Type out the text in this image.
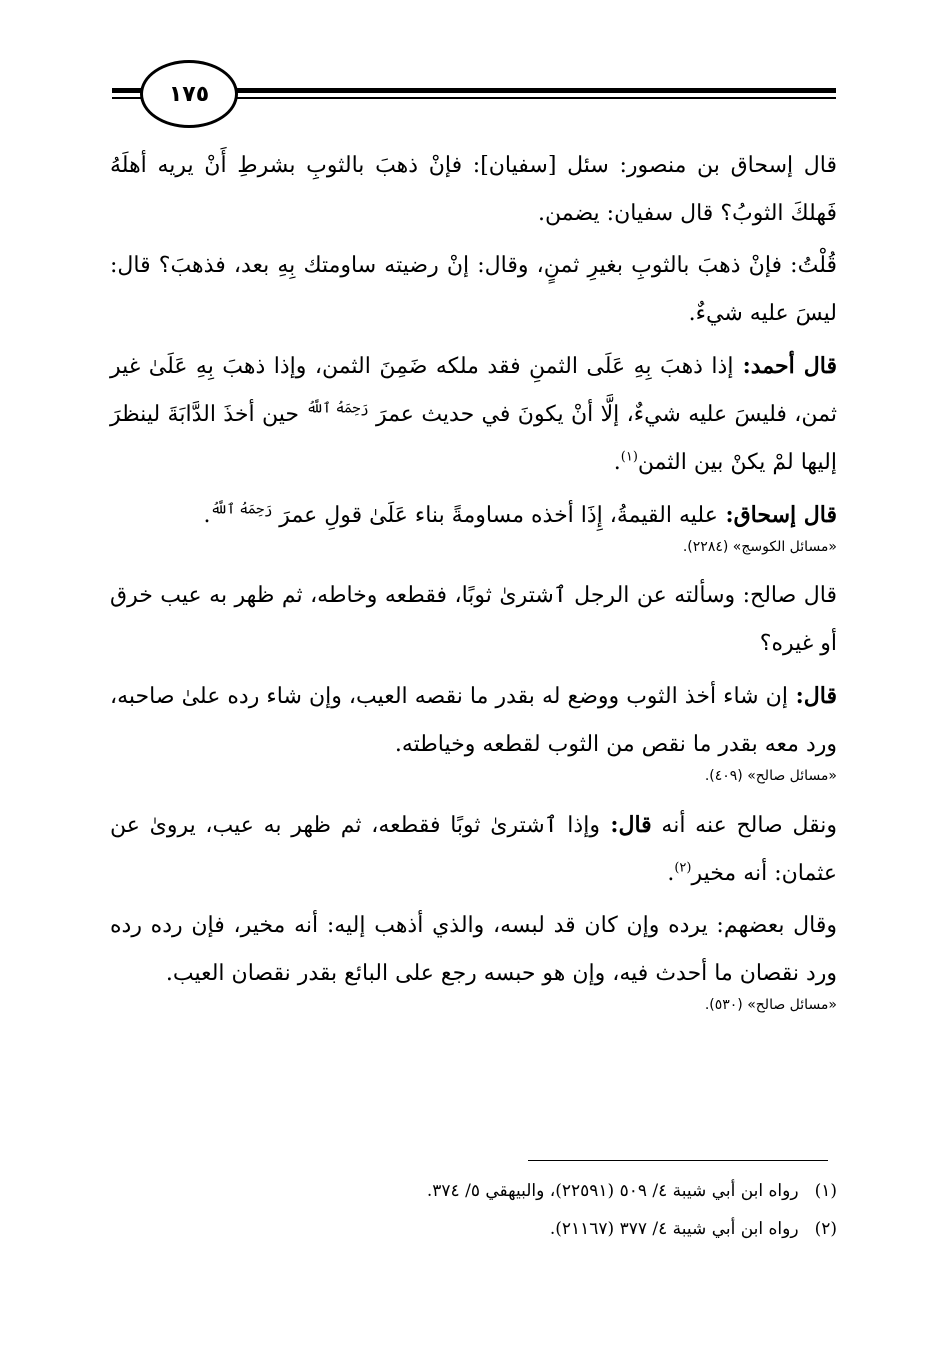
١٧٥

قال إسحاق بن منصور: سئل [سفيان]: فإنْ ذهبَ بالثوبِ بشرطِ أَنْ يريه أهلَهُ فَهلكَ الثوبُ؟ قال سفيان: يضمن.

قُلْتُ: فإنْ ذهبَ بالثوبِ بغيرِ ثمنٍ، وقال: إنْ رضيته ساومتك بِهِ بعد، فذهبَ؟ قال: ليسَ عليه شيءٌ.

قال أحمد: إذا ذهبَ بِهِ عَلَى الثمنِ فقد ملكه ضَمِنَ الثمن، وإذا ذهبَ بِهِ عَلَىٰ غير ثمن، فليسَ عليه شيءٌ، إلَّا أنْ يكونَ في حديث عمرَ $^{رَحِمَهُ ٱللَّهُ}$ حين أخذَ الدَّابَةَ لينظرَ إليها لمْ يكنْ بين الثمن$^{(١)}$.

قال إسحاق: عليه القيمةُ، إِذَا أخذه مساومةً بناء عَلَىٰ قولِ عمرَ $^{رَحِمَهُ ٱللَّهُ}$.

«مسائل الكوسج» (٢٢٨٤).

قال صالح: وسألته عن الرجل ٱشترىٰ ثوبًا، فقطعه وخاطه، ثم ظهر به عيب خرق أو غيره؟

قال: إن شاء أخذ الثوب ووضع له بقدر ما نقصه العيب، وإن شاء رده علىٰ صاحبه، ورد معه بقدر ما نقص من الثوب لقطعه وخياطته.

«مسائل صالح» (٤٠٩).

ونقل صالح عنه أنه قال: وإذا ٱشترىٰ ثوبًا فقطعه، ثم ظهر به عيب، يروىٰ عن عثمان: أنه مخير$^{(٢)}$.

وقال بعضهم: يرده وإن كان قد لبسه، والذي أذهب إليه: أنه مخير، فإن رده رده ورد نقصان ما أحدث فيه، وإن هو حبسه رجع على البائع بقدر نقصان العيب.

«مسائل صالح» (٥٣٠).
(١)رواه ابن أبي شيبة ٤/ ٥٠٩ (٢٢٥٩١)، والبيهقي ٥/ ٣٧٤.
(٢)رواه ابن أبي شيبة ٤/ ٣٧٧ (٢١١٦٧).
